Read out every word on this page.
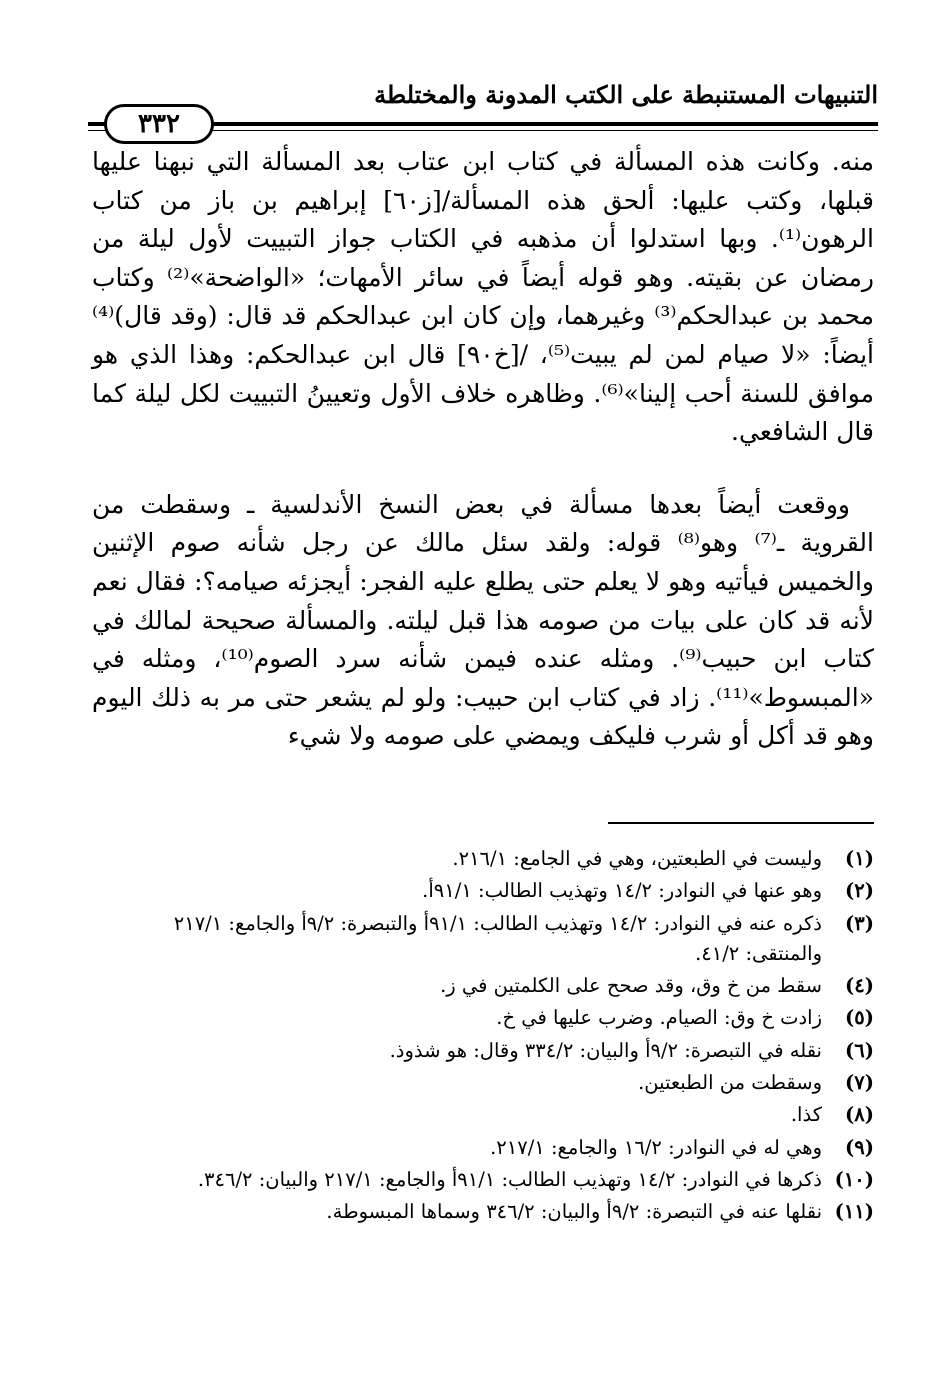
التنبيهات المستنبطة على الكتب المدونة والمختلطة
٣٣٢

منه. وكانت هذه المسألة في كتاب ابن عتاب بعد المسألة التي نبهنا عليها قبلها، وكتب عليها: ألحق هذه المسألة/[ز٦٠] إبراهيم بن باز من كتاب الرهون⁽¹⁾. وبها استدلوا أن مذهبه في الكتاب جواز التبييت لأول ليلة من رمضان عن بقيته. وهو قوله أيضاً في سائر الأمهات؛ «الواضحة»⁽²⁾ وكتاب محمد بن عبدالحكم⁽³⁾ وغيرهما، وإن كان ابن عبدالحكم قد قال: (وقد قال)⁽⁴⁾ أيضاً: «لا صيام لمن لم يبيت⁽⁵⁾، /[خ٩٠] قال ابن عبدالحكم: وهذا الذي هو موافق للسنة أحب إلينا»⁽⁶⁾. وظاهره خلاف الأول وتعيينُ التبييت لكل ليلة كما قال الشافعي.

ووقعت أيضاً بعدها مسألة في بعض النسخ الأندلسية ـ وسقطت من القروية ـ⁽⁷⁾ وهو⁽⁸⁾ قوله: ولقد سئل مالك عن رجل شأنه صوم الإثنين والخميس فيأتيه وهو لا يعلم حتى يطلع عليه الفجر: أيجزئه صيامه؟: فقال نعم لأنه قد كان على بيات من صومه هذا قبل ليلته. والمسألة صحيحة لمالك في كتاب ابن حبيب⁽⁹⁾. ومثله عنده فيمن شأنه سرد الصوم⁽¹⁰⁾، ومثله في «المبسوط»⁽¹¹⁾. زاد في كتاب ابن حبيب: ولو لم يشعر حتى مر به ذلك اليوم وهو قد أكل أو شرب فليكف ويمضي على صومه ولا شيء

(١)
وليست في الطبعتين، وهي في الجامع: ٢١٦/١.
(٢)
وهو عنها في النوادر: ١٤/٢ وتهذيب الطالب: ٩١/١أ.
(٣)
ذكره عنه في النوادر: ١٤/٢ وتهذيب الطالب: ٩١/١أ والتبصرة: ٩/٢أ والجامع: ٢١٧/١ والمنتقى: ٤١/٢.
(٤)
سقط من خ وق، وقد صحح على الكلمتين في ز.
(٥)
زادت خ وق: الصيام. وضرب عليها في خ.
(٦)
نقله في التبصرة: ٩/٢أ والبيان: ٣٣٤/٢ وقال: هو شذوذ.
(٧)
وسقطت من الطبعتين.
(٨)
كذا.
(٩)
وهي له في النوادر: ١٦/٢ والجامع: ٢١٧/١.
(١٠)
ذكرها في النوادر: ١٤/٢ وتهذيب الطالب: ٩١/١أ والجامع: ٢١٧/١ والبيان: ٣٤٦/٢.
(١١)
نقلها عنه في التبصرة: ٩/٢أ والبيان: ٣٤٦/٢ وسماها المبسوطة.
